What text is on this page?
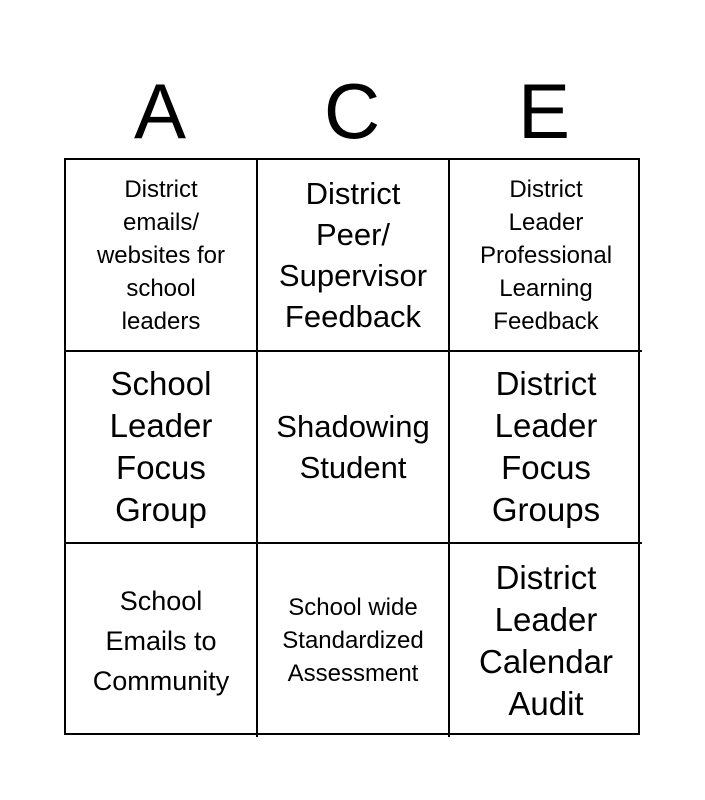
A	C	E
District
emails/
websites for
school
leaders
District
Peer/
Supervisor
Feedback
District
Leader
Professional
Learning
Feedback
School
Leader
Focus
Group
Shadowing
Student
District
Leader
Focus
Groups
School
Emails to
Community
School wide
Standardized
Assessment
District
Leader
Calendar
Audit
